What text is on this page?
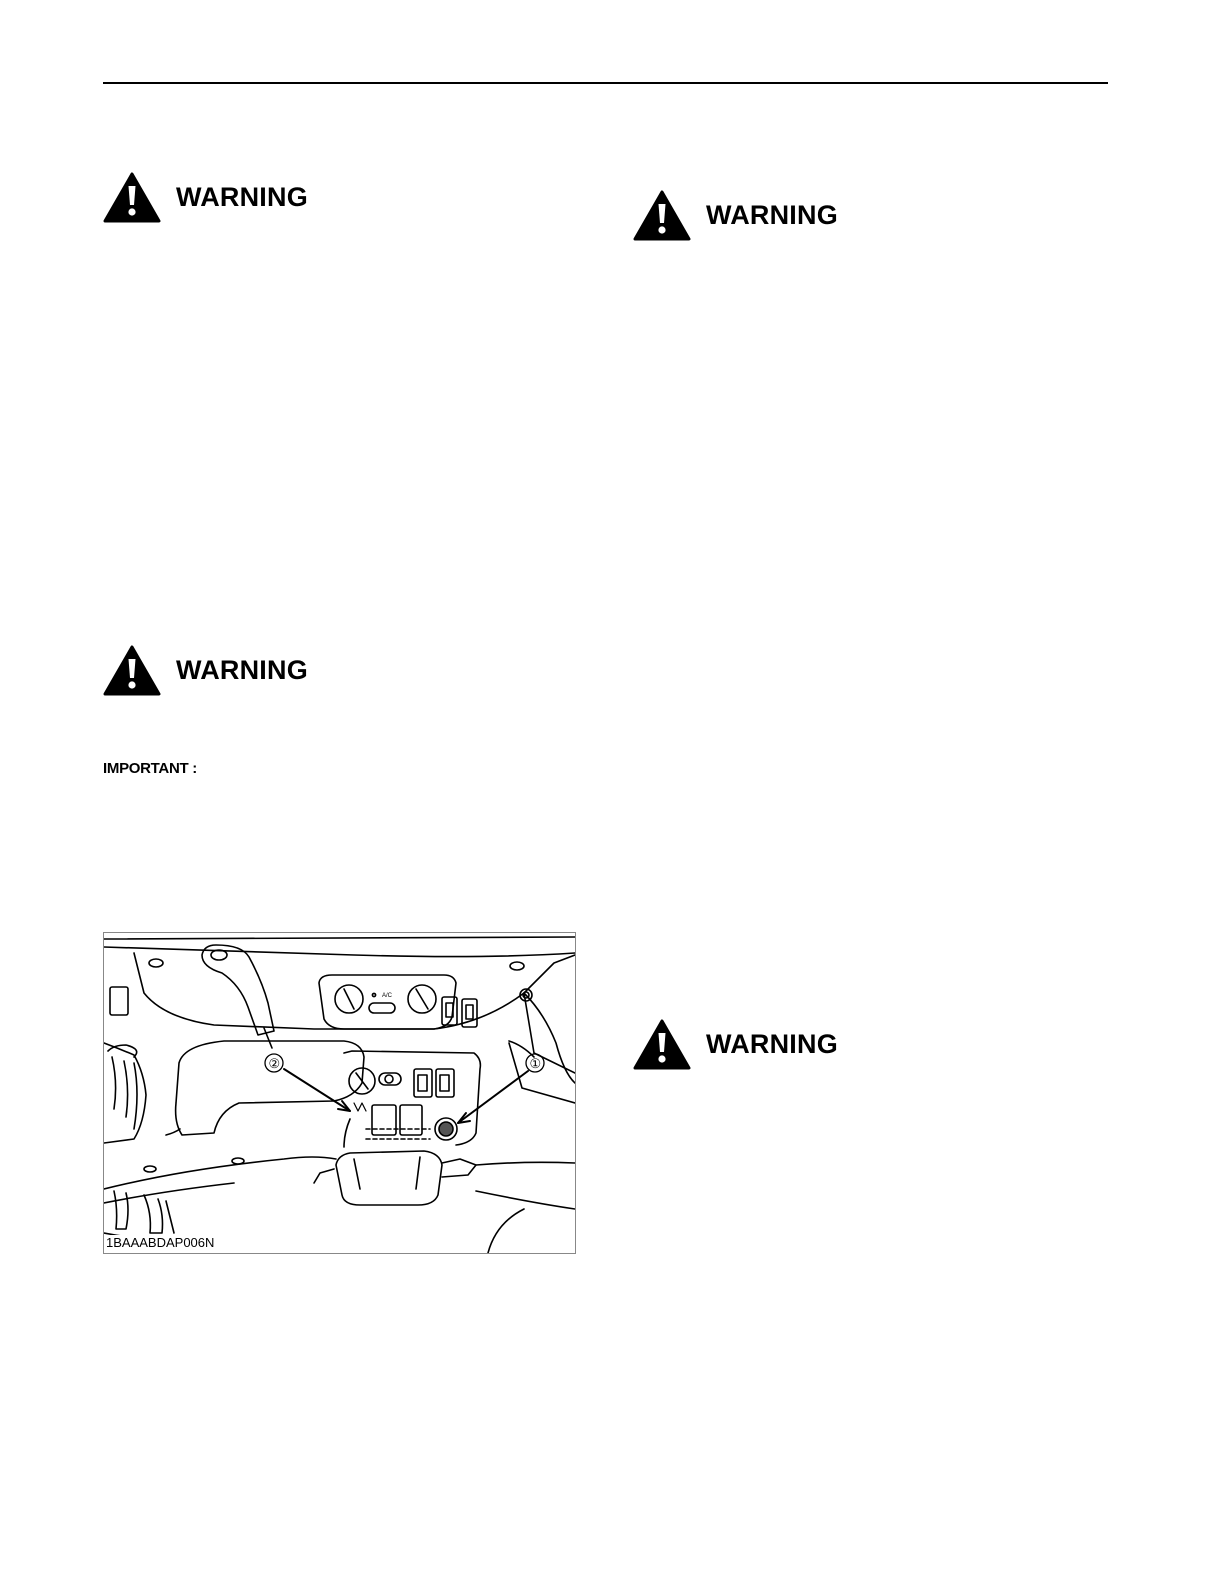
WARNING
WARNING
WARNING
WARNING
IMPORTANT :
A/C
②	①
1BAAABDAP006N
